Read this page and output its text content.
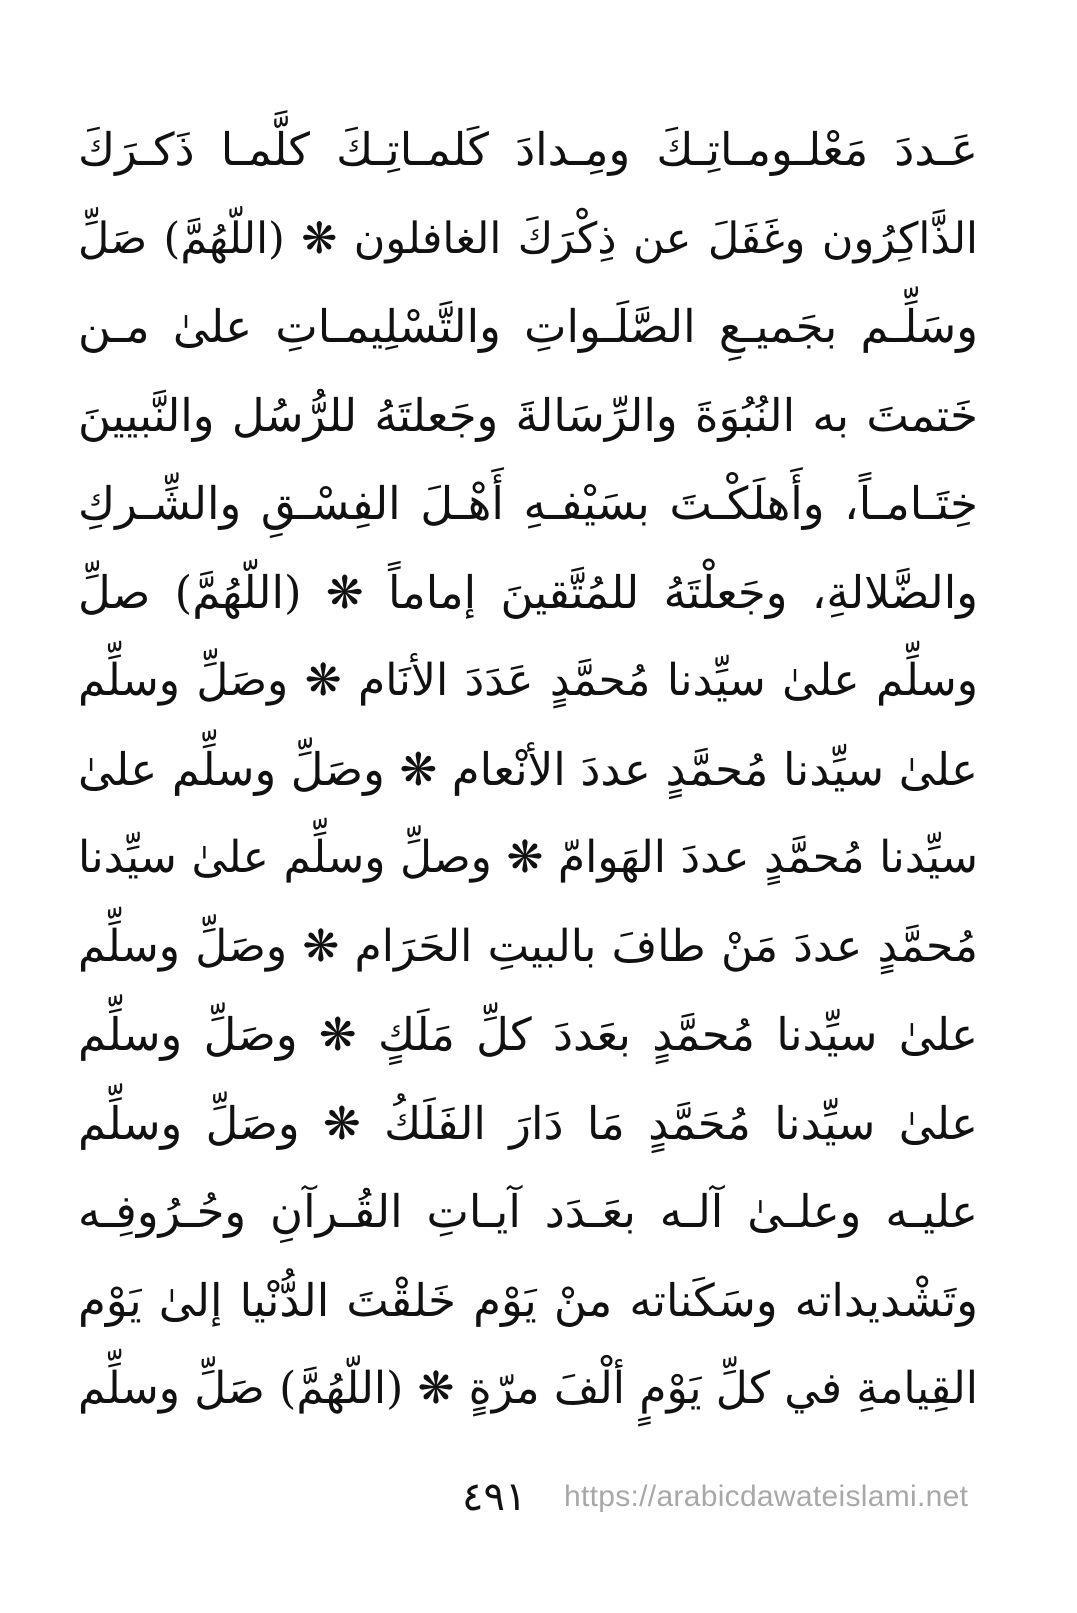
عَـددَ مَعْلـومـاتِـكَ ومِـدادَ كَلمـاتِـكَ كلَّمـا ذَكـرَكَ
الذَّاكِرُون وغَفَلَ عن ذِكْرَكَ الغافلون ❋ (اللّهُمَّ) صَلِّ
وسَلِّـم بجَميـعِ الصَّلَـواتِ والتَّسْلِيمـاتِ علىٰ مـن
خَتمتَ به النُبُوَةَ والرِّسَالةَ وجَعلتَهُ للرُّسُل والنَّبيينَ
خِتَـامـاً، وأَهلَكْـتَ بسَيْفـهِ أَهْـلَ الفِسْـقِ والشِّـركِ
والضَّلالةِ، وجَعلْتَهُ للمُتَّقينَ إماماً ❋ (اللّهُمَّ) صلِّ
وسلِّم علىٰ سيِّدنا مُحمَّدٍ عَدَدَ الأنَام ❋ وصَلِّ وسلِّم
علىٰ سيِّدنا مُحمَّدٍ عددَ الأنْعام ❋ وصَلِّ وسلِّم علىٰ
سيِّدنا مُحمَّدٍ عددَ الهَوامّ ❋ وصلِّ وسلِّم علىٰ سيِّدنا
مُحمَّدٍ عددَ مَنْ طافَ بالبيتِ الحَرَام ❋ وصَلِّ وسلِّم
علىٰ سيِّدنا مُحمَّدٍ بعَددَ كلِّ مَلَكٍ ❋ وصَلِّ وسلِّم
علىٰ سيِّدنا مُحَمَّدٍ مَا دَارَ الفَلَكُ ❋ وصَلِّ وسلِّم
عليـه وعلـىٰ آلـه بعَـدَد آيـاتِ القُـرآنِ وحُـرُوفِـه
وتَشْديداته وسَكَناته منْ يَوْم خَلقْتَ الدُّنْيا إلىٰ يَوْم
القِيامةِ في كلِّ يَوْمٍ ألْفَ مرّةٍ ❋ (اللّهُمَّ) صَلِّ وسلِّم
٤٩١ https://arabicdawateislami.net
